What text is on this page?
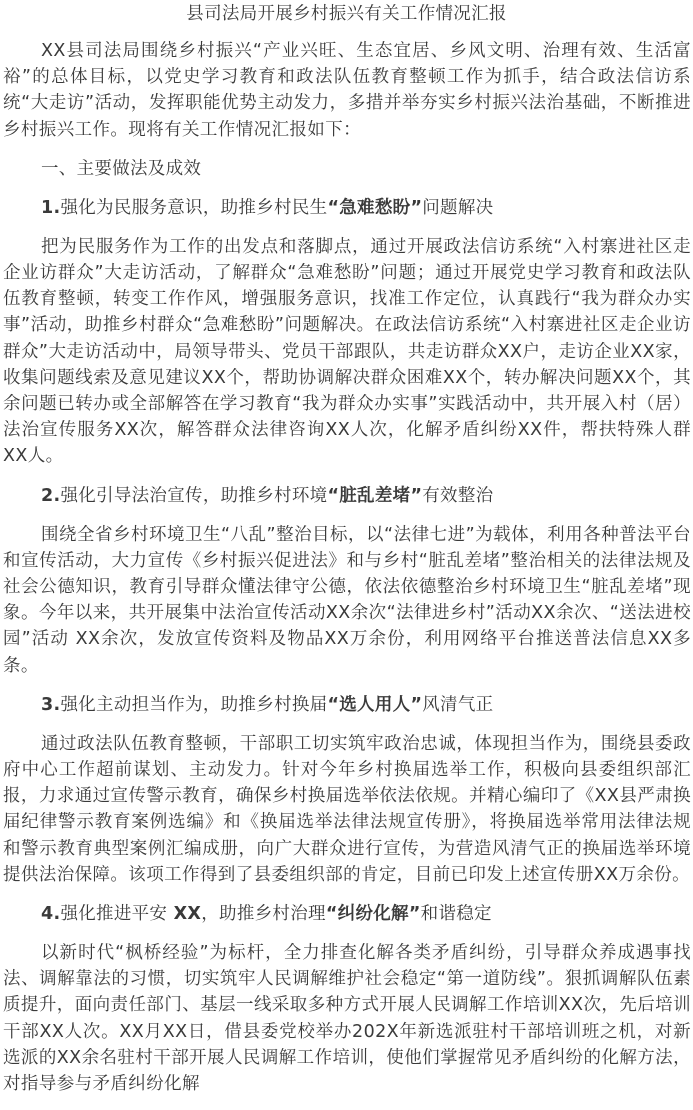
县司法局开展乡村振兴有关工作情况汇报

XX县司法局围绕乡村振兴“产业兴旺、生态宜居、乡风文明、治理有效、生活富裕”的总体目标，以党史学习教育和政法队伍教育整顿工作为抓手，结合政法信访系统“大走访”活动，发挥职能优势主动发力，多措并举夯实乡村振兴法治基础，不断推进乡村振兴工作。现将有关工作情况汇报如下：

一、主要做法及成效
1.强化为民服务意识，助推乡村民生“急难愁盼”问题解决

把为民服务作为工作的出发点和落脚点，通过开展政法信访系统“入村寨进社区走企业访群众”大走访活动，了解群众“急难愁盼”问题；通过开展党史学习教育和政法队伍教育整顿，转变工作作风，增强服务意识，找准工作定位，认真践行“我为群众办实事”活动，助推乡村群众“急难愁盼”问题解决。在政法信访系统“入村寨进社区走企业访群众”大走访活动中，局领导带头、党员干部跟队，共走访群众XX户，走访企业XX家，收集问题线索及意见建议XX个，帮助协调解决群众困难XX个，转办解决问题XX个，其余问题已转办或全部解答在学习教育“我为群众办实事”实践活动中，共开展入村（居）法治宣传服务XX次，解答群众法律咨询XX人次，化解矛盾纠纷XX件，帮扶特殊人群XX人。

2.强化引导法治宣传，助推乡村环境“脏乱差堵”有效整治

围绕全省乡村环境卫生“八乱”整治目标，以“法律七进”为载体，利用各种普法平台和宣传活动，大力宣传《乡村振兴促进法》和与乡村“脏乱差堵”整治相关的法律法规及社会公德知识，教育引导群众懂法律守公德，依法依德整治乡村环境卫生“脏乱差堵”现象。今年以来，共开展集中法治宣传活动XX余次“法律进乡村”活动XX余次、“送法进校园”活动 XX余次，发放宣传资料及物品XX万余份，利用网络平台推送普法信息XX多条。

3.强化主动担当作为，助推乡村换届“选人用人”风清气正

通过政法队伍教育整顿，干部职工切实筑牢政治忠诚，体现担当作为，围绕县委政府中心工作超前谋划、主动发力。针对今年乡村换届选举工作，积极向县委组织部汇报，力求通过宣传警示教育，确保乡村换届选举依法依规。并精心编印了《XX县严肃换届纪律警示教育案例选编》和《换届选举法律法规宣传册》，将换届选举常用法律法规和警示教育典型案例汇编成册，向广大群众进行宣传，为营造风清气正的换届选举环境提供法治保障。该项工作得到了县委组织部的肯定，目前已印发上述宣传册XX万余份。

4.强化推进平安 XX，助推乡村治理“纠纷化解”和谐稳定

以新时代“枫桥经验”为标杆，全力排查化解各类矛盾纠纷，引导群众养成遇事找法、调解靠法的习惯，切实筑牢人民调解维护社会稳定“第一道防线”。狠抓调解队伍素质提升，面向责任部门、基层一线采取多种方式开展人民调解工作培训XX次，先后培训干部XX人次。XX月XX日，借县委党校举办202X年新选派驻村干部培训班之机，对新选派的XX余名驻村干部开展人民调解工作培训，使他们掌握常见矛盾纠纷的化解方法，对指导参与矛盾纠纷化解
